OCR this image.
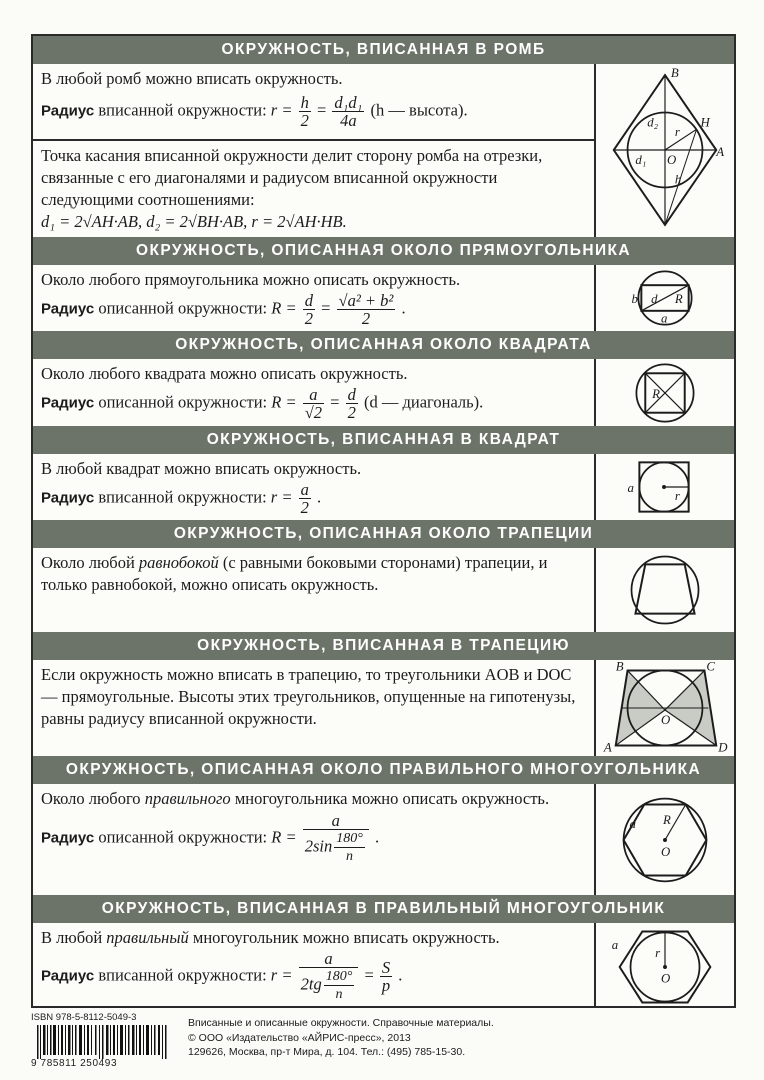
ОКРУЖНОСТЬ, ВПИСАННАЯ В РОМБ
В любой ромб можно вписать окружность.
Радиус вписанной окружности: $r = \frac{h}{2} = \frac{\text{d₁d₁}}{4a} (h$ — высота).
Точка касания вписанной окружности делит сторону ромба на отрезки, связанные с его диагоналями и радиусом вписанной окружности следующими соотношениями:
d₁ = 2√AH·AB, d₂ = 2√BH·AB, r = 2√AH·HB.
B
H
A
O
r
h
d₂
d₁
ОКРУЖНОСТЬ, ОПИСАННАЯ ОКОЛО ПРЯМОУГОЛЬНИКА
Около любого прямоугольника можно описать окружность.
Радиус описанной окружности: $R = \frac{d}{2} = \frac{\text{√a² + b²}}{2}$ .	b d R
a
ОКРУЖНОСТЬ, ОПИСАННАЯ ОКОЛО КВАДРАТА
Около любого квадрата можно описать окружность.
Радиус описанной окружности: $R = \frac{a}{√2} = \frac{d}{2} (d$ — диагональ).	R
ОКРУЖНОСТЬ, ВПИСАННАЯ В КВАДРАТ
В любой квадрат можно вписать окружность.
Радиус вписанной окружности: $r = \frac{a}{2}$ .	a
r
ОКРУЖНОСТЬ, ОПИСАННАЯ ОКОЛО ТРАПЕЦИИ
Около любой равнобокой (с равными боковыми сторонами) трапеции, и только равнобокой, можно описать окружность.
ОКРУЖНОСТЬ, ВПИСАННАЯ В ТРАПЕЦИЮ
Если окружность можно вписать в трапецию, то треугольники AOB и DOC — прямоугольные. Высоты этих треугольников, опущенные на гипотенузы, равны радиусу вписанной окружности.
B	C
O
A	D
ОКРУЖНОСТЬ, ОПИСАННАЯ ОКОЛО ПРАВИЛЬНОГО МНОГОУГОЛЬНИКА
Около любого правильного многоугольника можно описать окружность.
Радиус описанной окружности: $R = \frac{a}{2\sin \frac{180^\circ}{n}}$ .
a R
O
ОКРУЖНОСТЬ, ВПИСАННАЯ В ПРАВИЛЬНЫЙ МНОГОУГОЛЬНИК
В любой правильный многоугольник можно вписать окружность.
Радиус вписанной окружности: $r = \frac{a}{2tg \frac{180^\circ}{n}} = \frac{S}{p}$ .
a
r
O
ISBN 978-5-8112-5049-3
9 785811 250493
Вписанные и описанные окружности. Справочные материалы.
© ООО «Издательство «АЙРИС-пресс», 2013
129626, Москва, пр-т Мира, д. 104. Тел.: (495) 785-15-30.
